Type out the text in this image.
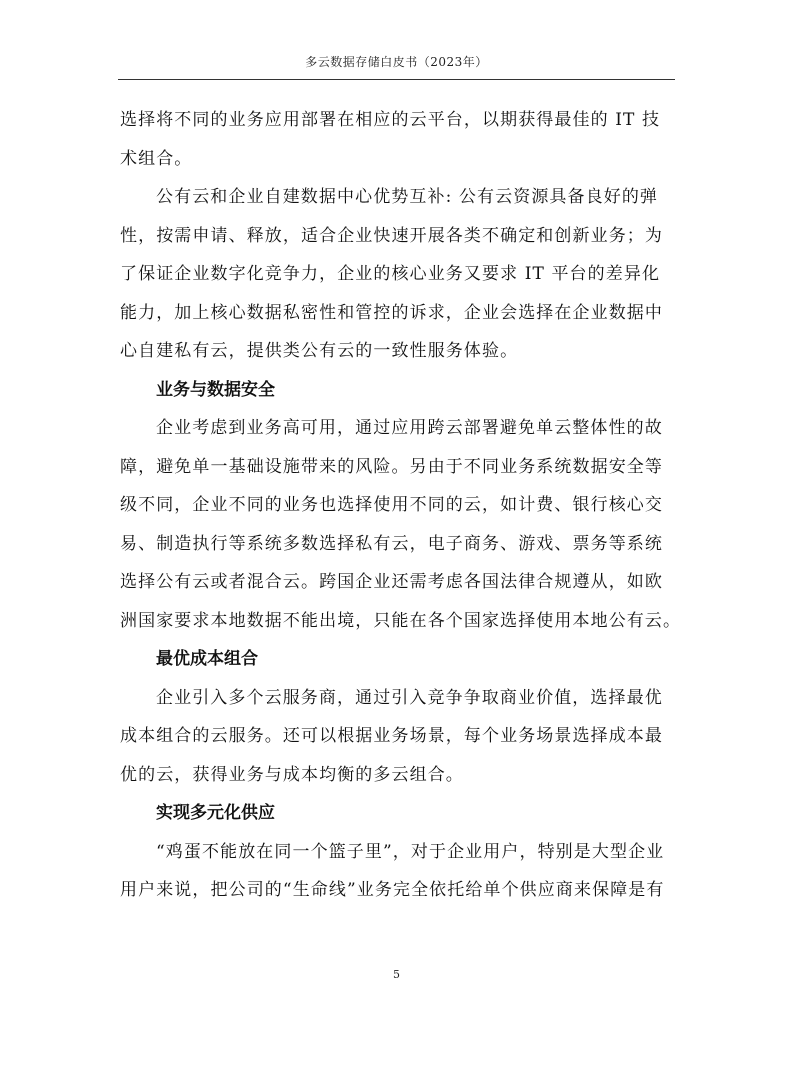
多云数据存储白皮书（2023年）
选择将不同的业务应用部署在相应的云平台，以期获得最佳的 IT 技
术组合。
公有云和企业自建数据中心优势互补: 公有云资源具备良好的弹
性，按需申请、释放，适合企业快速开展各类不确定和创新业务；为
了保证企业数字化竞争力，企业的核心业务又要求 IT 平台的差异化
能力，加上核心数据私密性和管控的诉求，企业会选择在企业数据中
心自建私有云，提供类公有云的一致性服务体验。
业务与数据安全
企业考虑到业务高可用，通过应用跨云部署避免单云整体性的故
障，避免单一基础设施带来的风险。另由于不同业务系统数据安全等
级不同，企业不同的业务也选择使用不同的云，如计费、银行核心交
易、制造执行等系统多数选择私有云，电子商务、游戏、票务等系统
选择公有云或者混合云。跨国企业还需考虑各国法律合规遵从，如欧
洲国家要求本地数据不能出境，只能在各个国家选择使用本地公有云。
最优成本组合
企业引入多个云服务商，通过引入竞争争取商业价值，选择最优
成本组合的云服务。还可以根据业务场景，每个业务场景选择成本最
优的云，获得业务与成本均衡的多云组合。
实现多元化供应
“鸡蛋不能放在同一个篮子里”，对于企业用户，特别是大型企业
用户来说，把公司的“生命线”业务完全依托给单个供应商来保障是有
5
